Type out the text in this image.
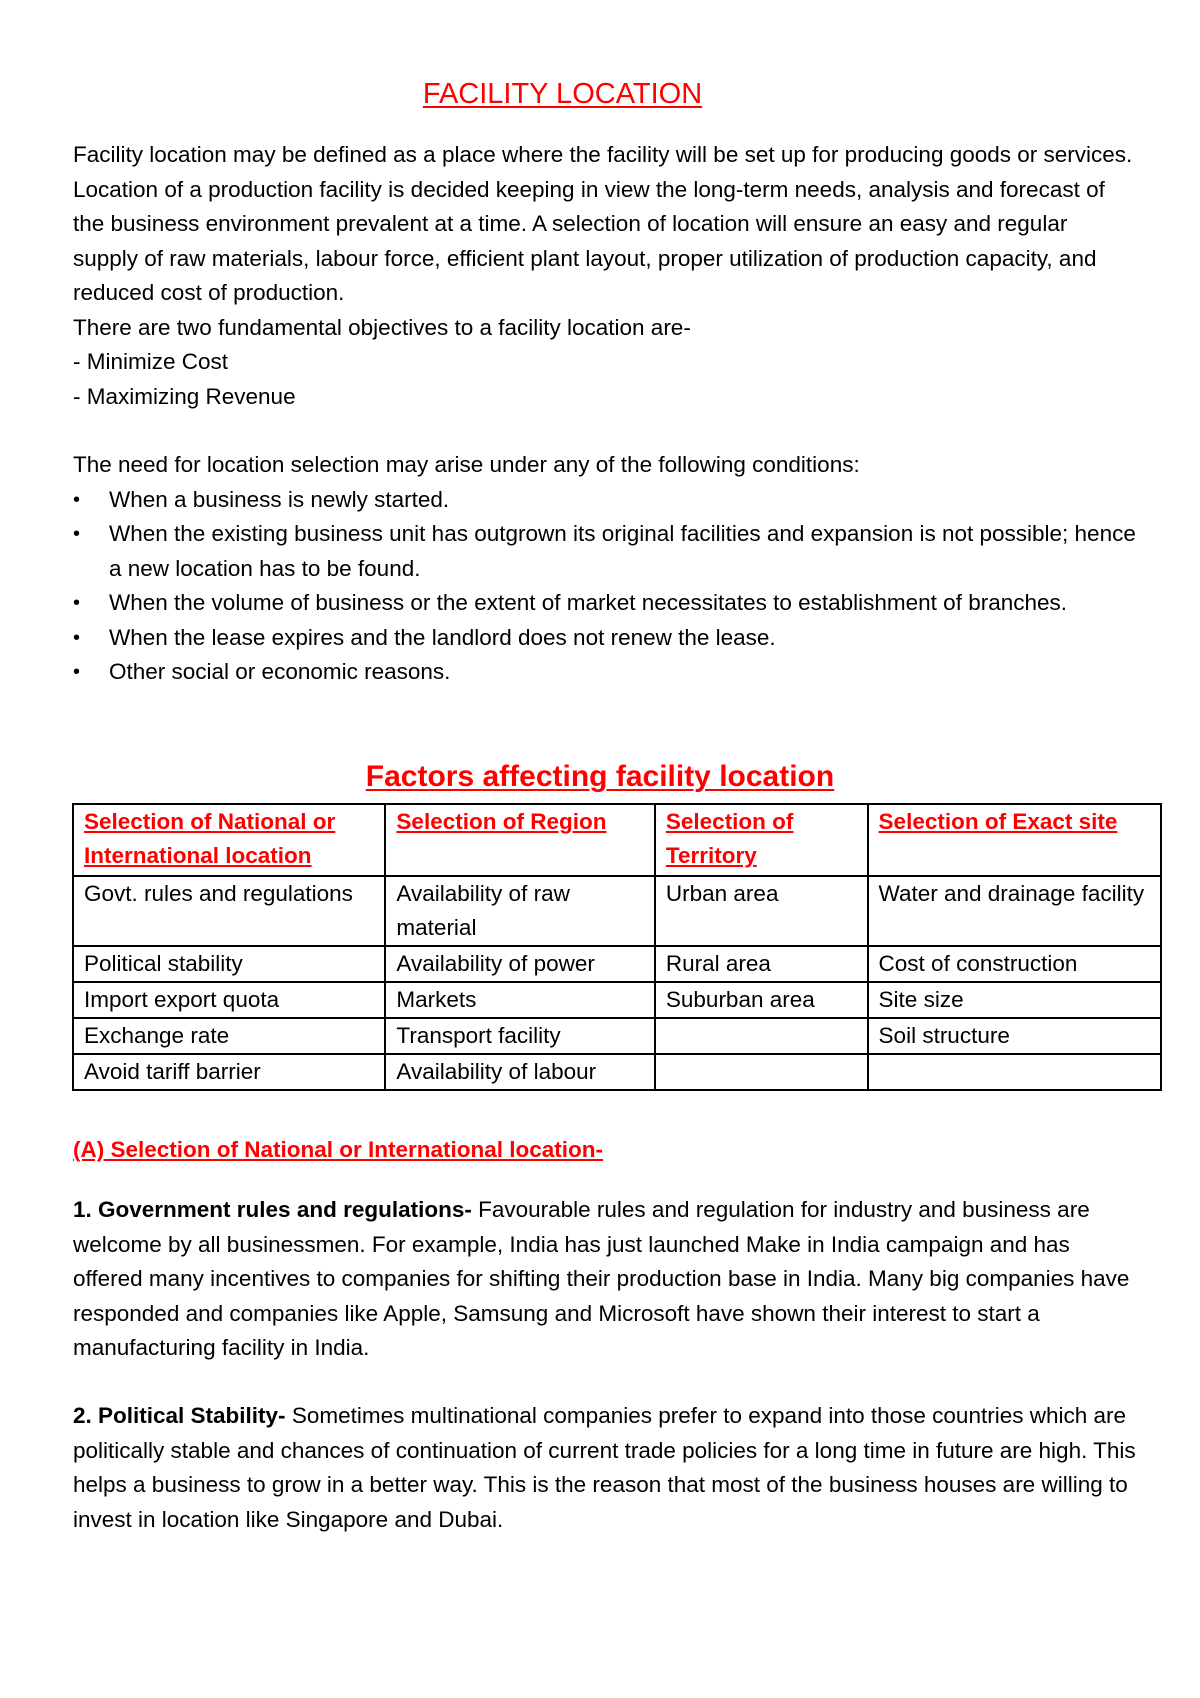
FACILITY LOCATION
Facility location may be defined as a place where the facility will be set up for producing goods or services. Location of a production facility is decided keeping in view the long-term needs, analysis and forecast of the business environment prevalent at a time. A selection of location will ensure an easy and regular supply of raw materials, labour force, efficient plant layout, proper utilization of production capacity, and reduced cost of production.
There are two fundamental objectives to a facility location are-
- Minimize Cost
- Maximizing Revenue
The need for location selection may arise under any of the following conditions:
•	When a business is newly started.
•	When the existing business unit has outgrown its original facilities and expansion is not possible; hence a new location has to be found.
•	When the volume of business or the extent of market necessitates to establishment of branches.
•	When the lease expires and the landlord does not renew the lease.
•	Other social or economic reasons.
Factors affecting facility location
Selection of National or International location	Selection of Region	Selection of Territory	Selection of Exact site
Govt. rules and regulations	Availability of raw material	Urban area	Water and drainage facility
Political stability	Availability of power	Rural area	Cost of construction
Import export quota	Markets	Suburban area	Site size
Exchange rate	Transport facility		Soil structure
Avoid tariff barrier	Availability of labour		
(A) Selection of National or International location-

1. Government rules and regulations- Favourable rules and regulation for industry and business are welcome by all businessmen. For example, India has just launched Make in India campaign and has offered many incentives to companies for shifting their production base in India. Many big companies have responded and companies like Apple, Samsung and Microsoft have shown their interest to start a manufacturing facility in India.

2. Political Stability- Sometimes multinational companies prefer to expand into those countries which are politically stable and chances of continuation of current trade policies for a long time in future are high. This helps a business to grow in a better way. This is the reason that most of the business houses are willing to invest in location like Singapore and Dubai.
